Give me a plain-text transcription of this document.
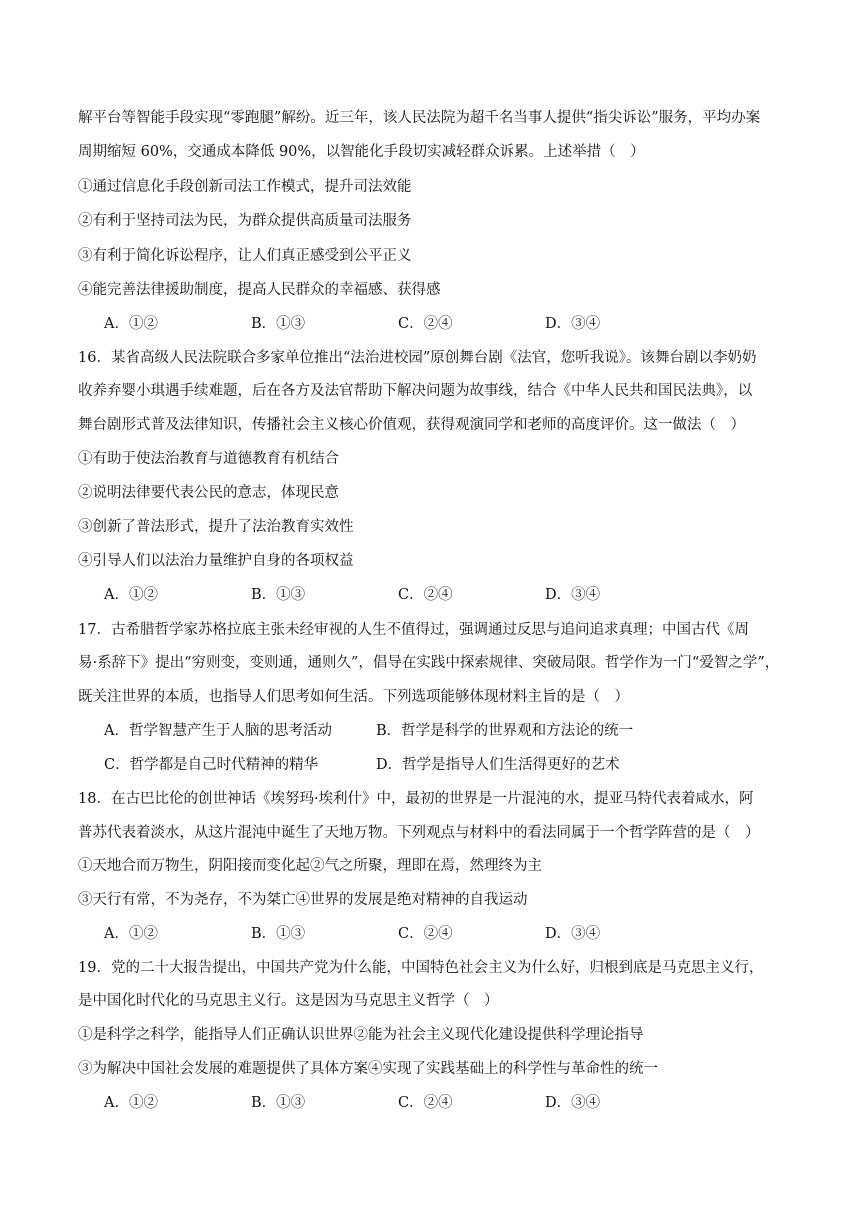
解平台等智能手段实现“零跑腿”解纷。近三年，该人民法院为超千名当事人提供“指尖诉讼”服务，平均办案
周期缩短 60%，交通成本降低 90%，以智能化手段切实减轻群众诉累。上述举措（　）
①通过信息化手段创新司法工作模式，提升司法效能
②有利于坚持司法为民，为群众提供高质量司法服务
③有利于简化诉讼程序，让人们真正感受到公平正义
④能完善法律援助制度，提高人民群众的幸福感、获得感
A．①②	B．①③	C．②④	D．③④
16．某省高级人民法院联合多家单位推出“法治进校园”原创舞台剧《法官，您听我说》。该舞台剧以李奶奶
收养弃婴小琪遇手续难题，后在各方及法官帮助下解决问题为故事线，结合《中华人民共和国民法典》，以
舞台剧形式普及法律知识，传播社会主义核心价值观，获得观演同学和老师的高度评价。这一做法（　）
①有助于使法治教育与道德教育有机结合
②说明法律要代表公民的意志，体现民意
③创新了普法形式，提升了法治教育实效性
④引导人们以法治力量维护自身的各项权益
A．①②	B．①③	C．②④	D．③④
17．古希腊哲学家苏格拉底主张未经审视的人生不值得过，强调通过反思与追问追求真理；中国古代《周
易·系辞下》提出“穷则变，变则通，通则久”，倡导在实践中探索规律、突破局限。哲学作为一门“爱智之学”，
既关注世界的本质，也指导人们思考如何生活。下列选项能够体现材料主旨的是（　）
A．哲学智慧产生于人脑的思考活动	B．哲学是科学的世界观和方法论的统一
C．哲学都是自己时代精神的精华	D．哲学是指导人们生活得更好的艺术
18．在古巴比伦的创世神话《埃努玛·埃利什》中，最初的世界是一片混沌的水，提亚马特代表着咸水，阿
普苏代表着淡水，从这片混沌中诞生了天地万物。下列观点与材料中的看法同属于一个哲学阵营的是（　）
①天地合而万物生，阴阳接而变化起②气之所聚，理即在焉，然理终为主
③天行有常，不为尧存，不为桀亡④世界的发展是绝对精神的自我运动
A．①②	B．①③	C．②④	D．③④
19．党的二十大报告提出，中国共产党为什么能，中国特色社会主义为什么好，归根到底是马克思主义行，
是中国化时代化的马克思主义行。这是因为马克思主义哲学（　）
①是科学之科学，能指导人们正确认识世界②能为社会主义现代化建设提供科学理论指导
③为解决中国社会发展的难题提供了具体方案④实现了实践基础上的科学性与革命性的统一
A．①②	B．①③	C．②④	D．③④
